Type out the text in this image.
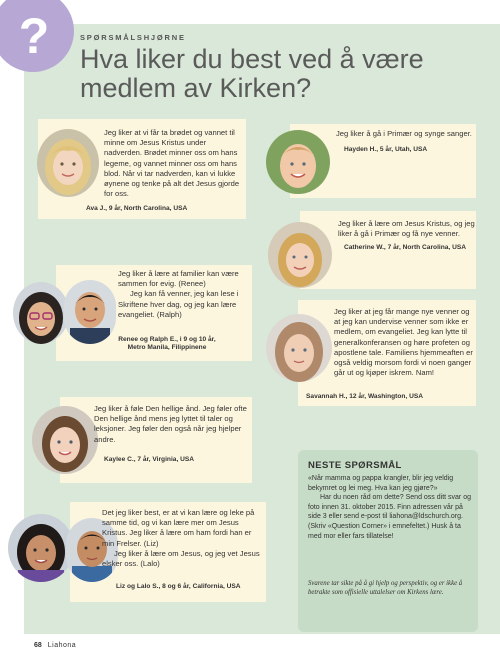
?	SPØRSMÅLSHJØRNE
Hva liker du best ved å være medlem av Kirken?
Jeg liker at vi får ta brødet og vannet til minne om Jesus Kristus under nadverden. Brødet minner oss om hans legeme, og vannet minner oss om hans blod. Når vi tar nadverden, kan vi lukke øynene og tenke på alt det Jesus gjorde for oss.
Ava J., 9 år, North Carolina, USA
Jeg liker å gå i Primær og synge sanger.
Hayden H., 5 år, Utah, USA
Jeg liker å lære om Jesus Kristus, og jeg liker å gå i Primær og få nye venner.
Catherine W., 7 år, North Carolina, USA

Jeg liker å lære at familier kan være sammen for evig. (Renee)

Jeg kan få venner, jeg kan lese i Skriftene hver dag, og jeg kan lære evangeliet. (Ralph)

Renee og Ralph E., i 9 og 10 år,
Metro Manila, Filippinene
Jeg liker at jeg får mange nye venner og at jeg kan undervise venner som ikke er medlem, om evangeliet. Jeg kan lytte til generalkonferansen og høre profeten og apostlene tale. Familiens hjemmeaften er også veldig morsom fordi vi noen ganger går ut og kjøper iskrem. Nam!
Savannah H., 12 år, Washington, USA
Jeg liker å føle Den hellige ånd. Jeg føler ofte Den hellige ånd mens jeg lyttet til taler og leksjoner. Jeg føler den også når jeg hjelper andre.
Kaylee C., 7 år, Virginia, USA

Det jeg liker best, er at vi kan lære og leke på samme tid, og vi kan lære mer om Jesus Kristus. Jeg liker å lære om ham fordi han er min Frelser. (Liz)

Jeg liker å lære om Jesus, og jeg vet Jesus elsker oss. (Lalo)

Liz og Lalo S., 8 og 6 år, California, USA
NESTE SPØRSMÅL

«Når mamma og pappa krangler, blir jeg veldig bekymret og lei meg. Hva kan jeg gjøre?»

Har du noen råd om dette? Send oss ditt svar og foto innen 31. oktober 2015. Finn adressen vår på side 3 eller send e-post til liahona@ldschurch.org. (Skriv «Question Corner» i emnefeltet.) Husk å ta med mor eller fars tillatelse!

Svarene tar sikte på å gi hjelp og perspektiv, og er ikke å betrakte som offisielle uttalelser om Kirkens lære.
68 Liahona
